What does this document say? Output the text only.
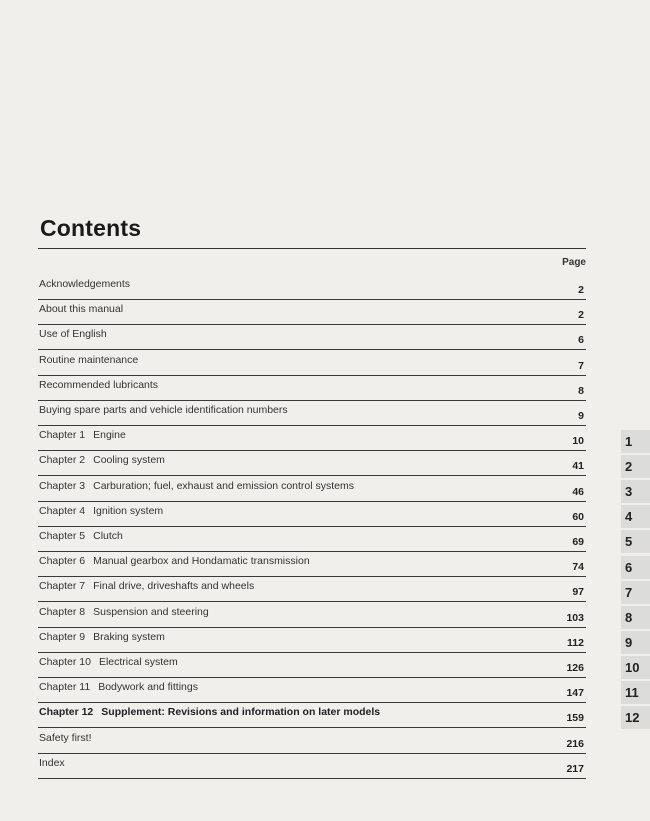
Contents
Page
Acknowledgements	2
About this manual	2
Use of English	6
Routine maintenance	7
Recommended lubricants	8
Buying spare parts and vehicle identification numbers	9
Chapter 1 Engine	10
Chapter 2 Cooling system	41
Chapter 3 Carburation; fuel, exhaust and emission control systems	46
Chapter 4 Ignition system	60
Chapter 5 Clutch	69
Chapter 6 Manual gearbox and Hondamatic transmission	74
Chapter 7 Final drive, driveshafts and wheels	97
Chapter 8 Suspension and steering	103
Chapter 9 Braking system	112
Chapter 10 Electrical system	126
Chapter 11 Bodywork and fittings	147
Chapter 12 Supplement: Revisions and information on later models	159
Safety first!	216
Index	217
1
2
3
4
5
6
7
8
9
10
11
12
